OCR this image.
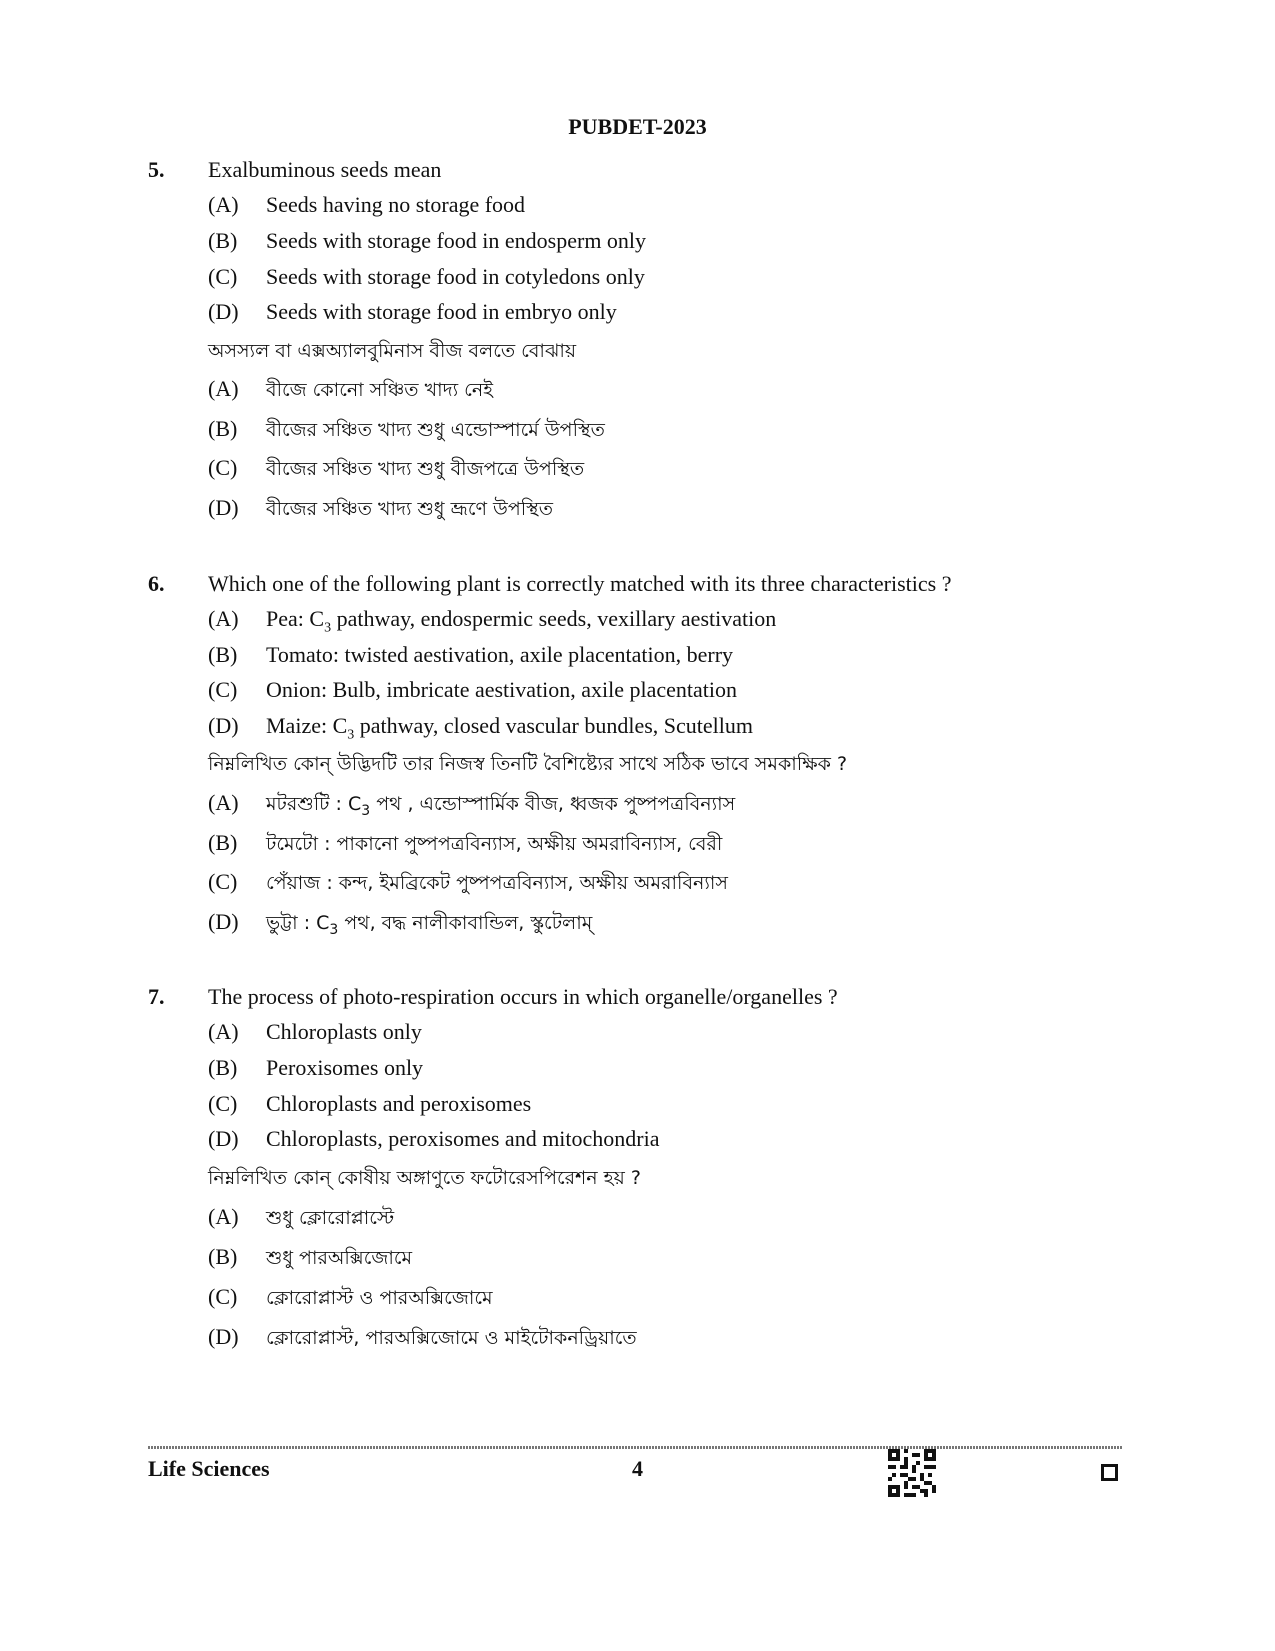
PUBDET-2023
5. Exalbuminous seeds mean
(A) Seeds having no storage food
(B) Seeds with storage food in endosperm only
(C) Seeds with storage food in cotyledons only
(D) Seeds with storage food in embryo only
অসস্যল বা এক্সঅ্যালবুমিনাস বীজ বলতে বোঝায়
(A) বীজে কোনো সঞ্চিত খাদ্য নেই
(B) বীজের সঞ্চিত খাদ্য শুধু এন্ডোস্পার্মে উপস্থিত
(C) বীজের সঞ্চিত খাদ্য শুধু বীজপত্রে উপস্থিত
(D) বীজের সঞ্চিত খাদ্য শুধু ভ্রূণে উপস্থিত
6. Which one of the following plant is correctly matched with its three characteristics ?
(A) Pea: $C_3$ pathway, endospermic seeds, vexillary aestivation
(B) Tomato: twisted aestivation, axile placentation, berry
(C) Onion: Bulb, imbricate aestivation, axile placentation
(D) Maize: $C_3$ pathway, closed vascular bundles, Scutellum
নিম্নলিখিত কোন্ উদ্ভিদটি তার নিজস্ব তিনটি বৈশিষ্ট্যের সাথে সঠিক ভাবে সমকাক্ষিক ?
(A) মটরশুটি : $C_3$ পথ , এন্ডোস্পার্মিক বীজ, ধ্বজক পুষ্পপত্রবিন্যাস
(B) টমেটো : পাকানো পুষ্পপত্রবিন্যাস, অক্ষীয় অমরাবিন্যাস, বেরী
(C) পেঁয়াজ : কন্দ, ইমব্রিকেট পুষ্পপত্রবিন্যাস, অক্ষীয় অমরাবিন্যাস
(D) ভুট্টা : $C_3$ পথ, বদ্ধ নালীকাবান্ডিল, স্কুটেলাম্
7. The process of photo-respiration occurs in which organelle/organelles ?
(A) Chloroplasts only
(B) Peroxisomes only
(C) Chloroplasts and peroxisomes
(D) Chloroplasts, peroxisomes and mitochondria
নিম্নলিখিত কোন্ কোষীয় অঙ্গাণুতে ফটোরেসপিরেশন হয় ?
(A) শুধু ক্লোরোপ্লাস্টে
(B) শুধু পারঅক্সিজোমে
(C) ক্লোরোপ্লাস্ট ও পারঅক্সিজোমে
(D) ক্লোরোপ্লাস্ট, পারঅক্সিজোমে ও মাইটোকনড্রিয়াতে
Life Sciences	4
